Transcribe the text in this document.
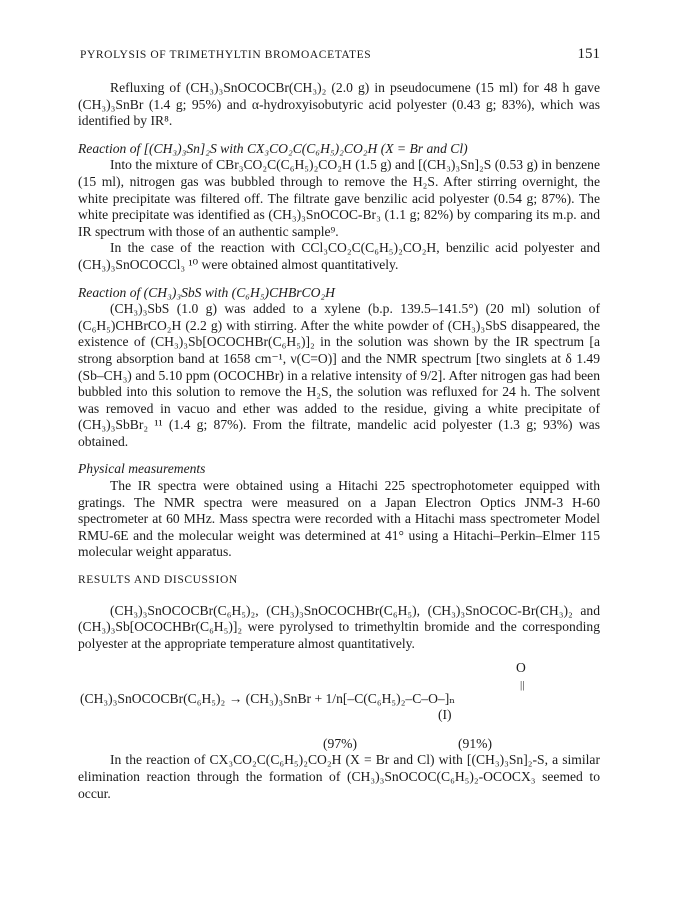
PYROLYSIS OF TRIMETHYLTIN BROMOACETATES	151

Refluxing of (CH₃)₃SnOCOCBr(CH₃)₂ (2.0 g) in pseudocumene (15 ml) for 48 h gave (CH₃)₃SnBr (1.4 g; 95%) and α-hydroxyisobutyric acid polyester (0.43 g; 83%), which was identified by IR⁸.

Reaction of [(CH₃)₃Sn]₂S with CX₃CO₂C(C₆H₅)₂CO₂H (X = Br and Cl)

Into the mixture of CBr₃CO₂C(C₆H₅)₂CO₂H (1.5 g) and [(CH₃)₃Sn]₂S (0.53 g) in benzene (15 ml), nitrogen gas was bubbled through to remove the H₂S. After stirring overnight, the white precipitate was filtered off. The filtrate gave benzilic acid polyester (0.54 g; 87%). The white precipitate was identified as (CH₃)₃SnOCOC-Br₃ (1.1 g; 82%) by comparing its m.p. and IR spectrum with those of an authentic sample⁹.

In the case of the reaction with CCl₃CO₂C(C₆H₅)₂CO₂H, benzilic acid polyester and (CH₃)₃SnOCOCCl₃ ¹⁰ were obtained almost quantitatively.

Reaction of (CH₃)₃SbS with (C₆H₅)CHBrCO₂H

(CH₃)₃SbS (1.0 g) was added to a xylene (b.p. 139.5–141.5°) (20 ml) solution of (C₆H₅)CHBrCO₂H (2.2 g) with stirring. After the white powder of (CH₃)₃SbS disappeared, the existence of (CH₃)₃Sb[OCOCHBr(C₆H₅)]₂ in the solution was shown by the IR spectrum [a strong absorption band at 1658 cm⁻¹, ν(C=O)] and the NMR spectrum [two singlets at δ 1.49 (Sb–CH₃) and 5.10 ppm (OCOCHBr) in a relative intensity of 9/2]. After nitrogen gas had been bubbled into this solution to remove the H₂S, the solution was refluxed for 24 h. The solvent was removed in vacuo and ether was added to the residue, giving a white precipitate of (CH₃)₃SbBr₂ ¹¹ (1.4 g; 87%). From the filtrate, mandelic acid polyester (1.3 g; 93%) was obtained.

Physical measurements

The IR spectra were obtained using a Hitachi 225 spectrophotometer equipped with gratings. The NMR spectra were measured on a Japan Electron Optics JNM-3 H-60 spectrometer at 60 MHz. Mass spectra were recorded with a Hitachi mass spectrometer Model RMU-6E and the molecular weight was determined at 41° using a Hitachi–Perkin–Elmer 115 molecular weight apparatus.

RESULTS AND DISCUSSION

(CH₃)₃SnOCOCBr(C₆H₅)₂, (CH₃)₃SnOCOCHBr(C₆H₅), (CH₃)₃SnOCOC-Br(CH₃)₂ and (CH₃)₃Sb[OCOCHBr(C₆H₅)]₂ were pyrolysed to trimethyltin bromide and the corresponding polyester at the appropriate temperature almost quantitatively.

O
||
(CH₃)₃SnOCOCBr(C₆H₅)₂ → (CH₃)₃SnBr + 1/n[–C(C₆H₅)₂–C–O–]ₙ
(I)
(97%)	(91%)

In the reaction of CX₃CO₂C(C₆H₅)₂CO₂H (X = Br and Cl) with [(CH₃)₃Sn]₂-S, a similar elimination reaction through the formation of (CH₃)₃SnOCOC(C₆H₅)₂-OCOCX₃ seemed to occur.
